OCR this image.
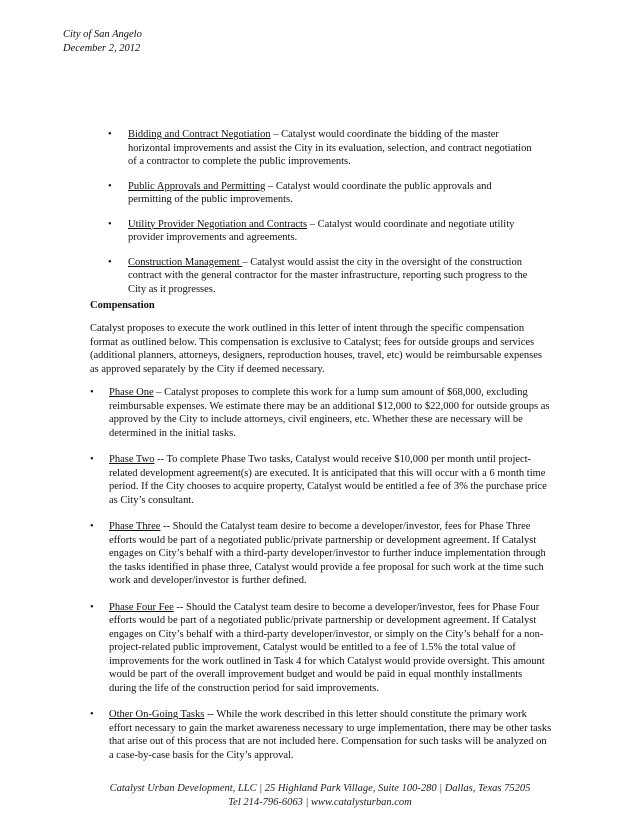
City of San Angelo
December 2, 2012
• Bidding and Contract Negotiation – Catalyst would coordinate the bidding of the master horizontal improvements and assist the City in its evaluation, selection, and contract negotiation of a contractor to complete the public improvements.
• Public Approvals and Permitting – Catalyst would coordinate the public approvals and permitting of the public improvements.
• Utility Provider Negotiation and Contracts – Catalyst would coordinate and negotiate utility provider improvements and agreements.
• Construction Management – Catalyst would assist the city in the oversight of the construction contract with the general contractor for the master infrastructure, reporting such progress to the City as it progresses.
Compensation
Catalyst proposes to execute the work outlined in this letter of intent through the specific compensation format as outlined below. This compensation is exclusive to Catalyst; fees for outside groups and services (additional planners, attorneys, designers, reproduction houses, travel, etc) would be reimbursable expenses as approved separately by the City if deemed necessary.
• Phase One – Catalyst proposes to complete this work for a lump sum amount of $68,000, excluding reimbursable expenses. We estimate there may be an additional $12,000 to $22,000 for outside groups as approved by the City to include attorneys, civil engineers, etc. Whether these are necessary will be determined in the initial tasks.
• Phase Two -- To complete Phase Two tasks, Catalyst would receive $10,000 per month until project-related development agreement(s) are executed. It is anticipated that this will occur with a 6 month time period. If the City chooses to acquire property, Catalyst would be entitled a fee of 3% the purchase price as City’s consultant.
• Phase Three -- Should the Catalyst team desire to become a developer/investor, fees for Phase Three efforts would be part of a negotiated public/private partnership or development agreement. If Catalyst engages on City’s behalf with a third-party developer/investor to further induce implementation through the tasks identified in phase three, Catalyst would provide a fee proposal for such work at the time such work and developer/investor is further defined.
• Phase Four Fee -- Should the Catalyst team desire to become a developer/investor, fees for Phase Four efforts would be part of a negotiated public/private partnership or development agreement. If Catalyst engages on City’s behalf with a third-party developer/investor, or simply on the City’s behalf for a non-project-related public improvement, Catalyst would be entitled to a fee of 1.5% the total value of improvements for the work outlined in Task 4 for which Catalyst would provide oversight. This amount would be part of the overall improvement budget and would be paid in equal monthly installments during the life of the construction period for said improvements.
• Other On-Going Tasks -- While the work described in this letter should constitute the primary work effort necessary to gain the market awareness necessary to urge implementation, there may be other tasks that arise out of this process that are not included here. Compensation for such tasks will be analyzed on a case-by-case basis for the City’s approval.
Catalyst Urban Development, LLC | 25 Highland Park Village, Suite 100-280 | Dallas, Texas 75205
Tel 214-796-6063 | www.catalysturban.com
